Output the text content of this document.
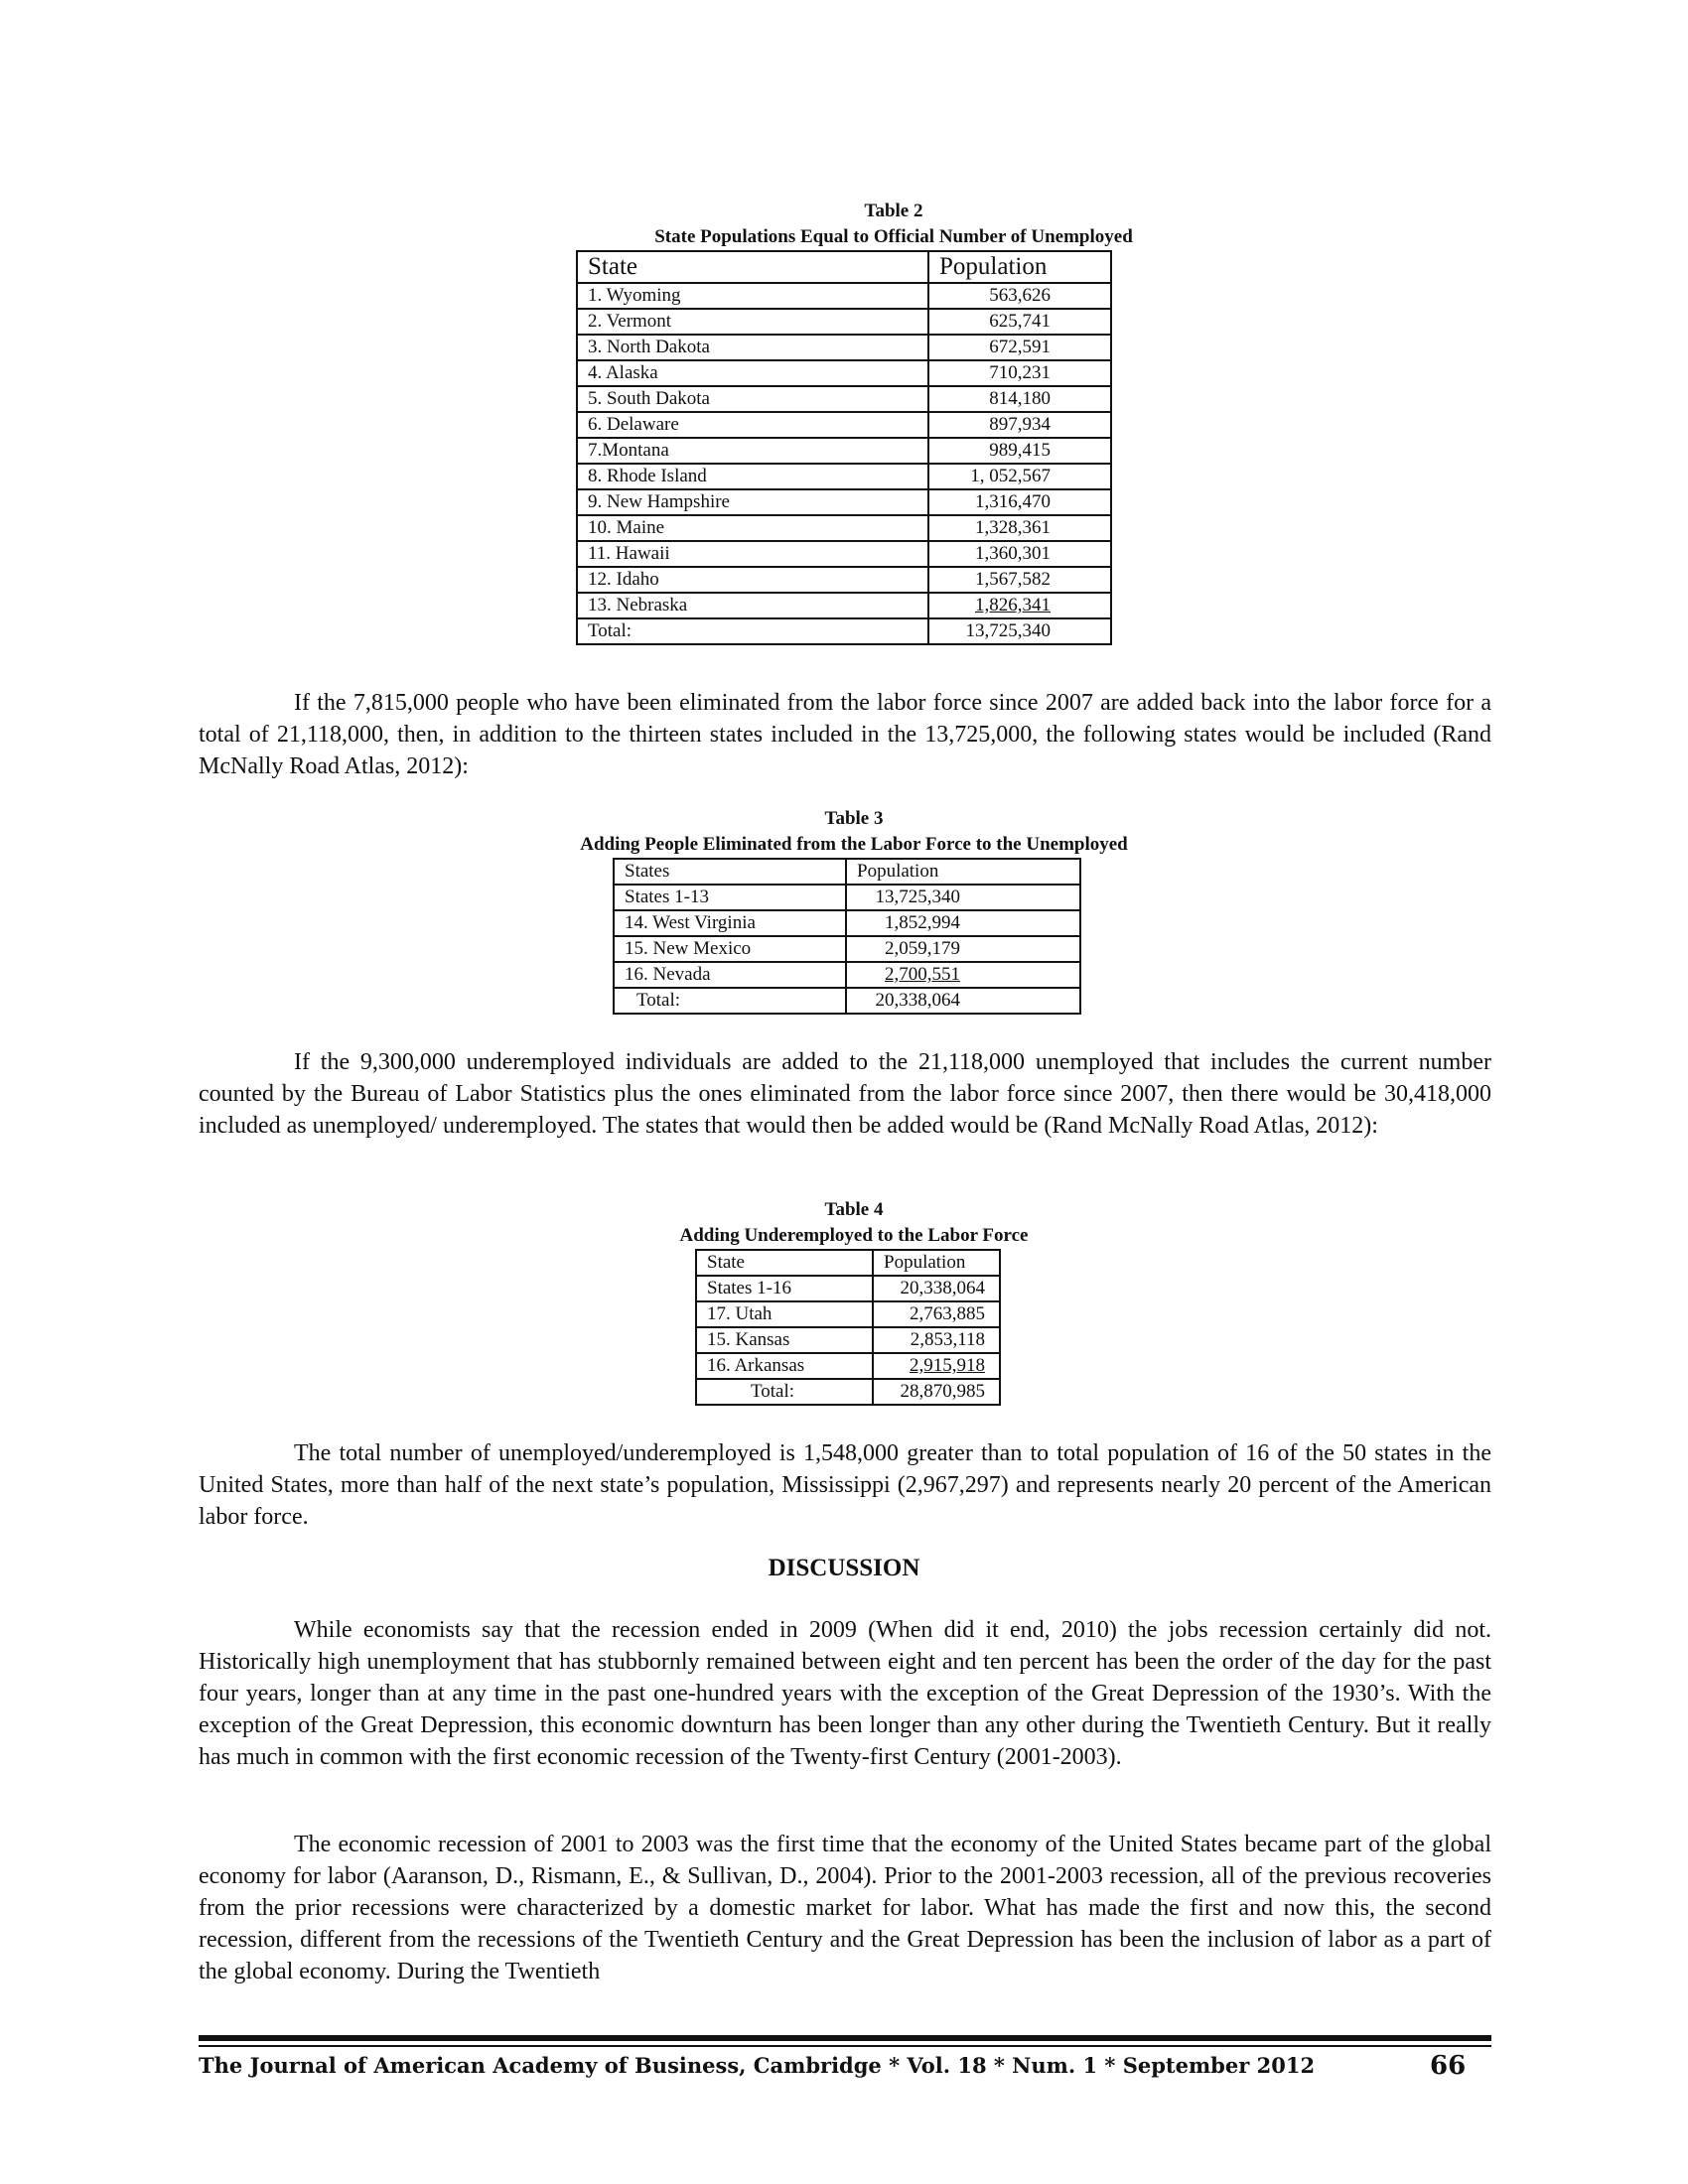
Table 2
State Populations Equal to Official Number of Unemployed
State	Population
1. Wyoming	563,626
2. Vermont	625,741
3. North Dakota	672,591
4. Alaska	710,231
5. South Dakota	814,180
6. Delaware	897,934
7.Montana	989,415
8. Rhode Island	1, 052,567
9. New Hampshire	1,316,470
10. Maine	1,328,361
11. Hawaii	1,360,301
12. Idaho	1,567,582
13. Nebraska	1,826,341
Total:	13,725,340
If the 7,815,000 people who have been eliminated from the labor force since 2007 are added back into the labor force for a total of 21,118,000, then, in addition to the thirteen states included in the 13,725,000, the following states would be included (Rand McNally Road Atlas, 2012):
Table 3
Adding People Eliminated from the Labor Force to the Unemployed
States	Population
States 1-13	13,725,340
14. West Virginia	1,852,994
15. New Mexico	2,059,179
16. Nevada	2,700,551
Total:	20,338,064
If the 9,300,000 underemployed individuals are added to the 21,118,000 unemployed that includes the current number counted by the Bureau of Labor Statistics plus the ones eliminated from the labor force since 2007, then there would be 30,418,000 included as unemployed/ underemployed. The states that would then be added would be (Rand McNally Road Atlas, 2012):
Table 4
Adding Underemployed to the Labor Force
State	Population
States 1-16	20,338,064
17. Utah	2,763,885
15. Kansas	2,853,118
16. Arkansas	2,915,918
Total:	28,870,985
The total number of unemployed/underemployed is 1,548,000 greater than to total population of 16 of the 50 states in the United States, more than half of the next state’s population, Mississippi (2,967,297) and represents nearly 20 percent of the American labor force.
DISCUSSION
While economists say that the recession ended in 2009 (When did it end, 2010) the jobs recession certainly did not. Historically high unemployment that has stubbornly remained between eight and ten percent has been the order of the day for the past four years, longer than at any time in the past one-hundred years with the exception of the Great Depression of the 1930’s. With the exception of the Great Depression, this economic downturn has been longer than any other during the Twentieth Century. But it really has much in common with the first economic recession of the Twenty-first Century (2001-2003).
The economic recession of 2001 to 2003 was the first time that the economy of the United States became part of the global economy for labor (Aaranson, D., Rismann, E., & Sullivan, D., 2004). Prior to the 2001-2003 recession, all of the previous recoveries from the prior recessions were characterized by a domestic market for labor. What has made the first and now this, the second recession, different from the recessions of the Twentieth Century and the Great Depression has been the inclusion of labor as a part of the global economy. During the Twentieth
The Journal of American Academy of Business, Cambridge * Vol. 18 * Num. 1 * September 2012	66
